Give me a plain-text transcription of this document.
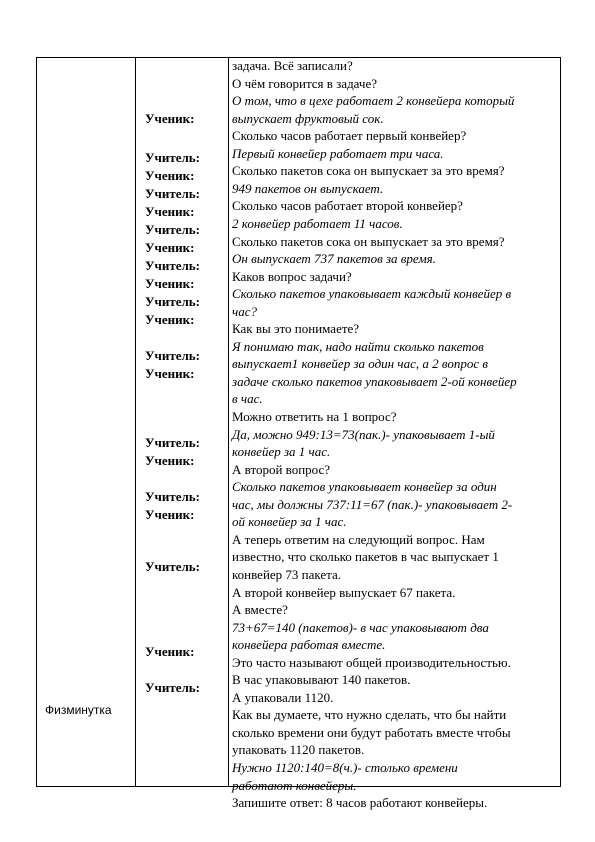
Физминутка
Ученик:
Учитель:
Ученик:
Учитель:
Ученик:
Учитель:
Ученик:
Учитель:
Ученик:
Учитель:
Ученик:
Учитель:
Ученик:
Учитель:
Ученик:
Учитель:
Ученик:
Учитель:
Ученик:
Учитель:
задача. Всё записали?
О чём говорится в задаче?
О том, что в цехе работает 2 конвейера который
выпускает фруктовый сок.
Сколько часов работает первый конвейер?
Первый конвейер работает три часа.
Сколько пакетов сока он выпускает за это время?
949 пакетов он выпускает.
Сколько часов работает второй конвейер?
2 конвейер работает 11 часов.
Сколько пакетов сока он выпускает за это время?
Он выпускает 737 пакетов за время.
Каков вопрос задачи?
Сколько пакетов упаковывает каждый конвейер в
час?
Как вы это понимаете?
Я понимаю так, надо найти сколько пакетов
выпускает1 конвейер за один час, а 2 вопрос в
задаче сколько пакетов упаковывает 2-ой конвейер
в час.
Можно ответить на 1 вопрос?
Да, можно 949:13=73(пак.)- упаковывает 1-ый
конвейер за 1 час.
А второй вопрос?
Сколько пакетов упаковывает конвейер за один
час, мы должны 737:11=67 (пак.)- упаковывает 2-
ой конвейер за 1 час.
А теперь ответим на следующий вопрос. Нам
известно, что сколько пакетов в час выпускает 1
конвейер 73 пакета.
А второй конвейер выпускает 67 пакета.
А вместе?
73+67=140 (пакетов)- в час упаковывают два
конвейера работая вместе.
Это часто называют общей производительностью.
В час упаковывают 140 пакетов.
А упаковали 1120.
Как вы думаете, что нужно сделать, что бы найти
сколько времени они будут работать вместе чтобы
упаковать 1120 пакетов.
Нужно 1120:140=8(ч.)- столько времени
работают конвейеры.
Запишите ответ: 8 часов работают конвейеры.
